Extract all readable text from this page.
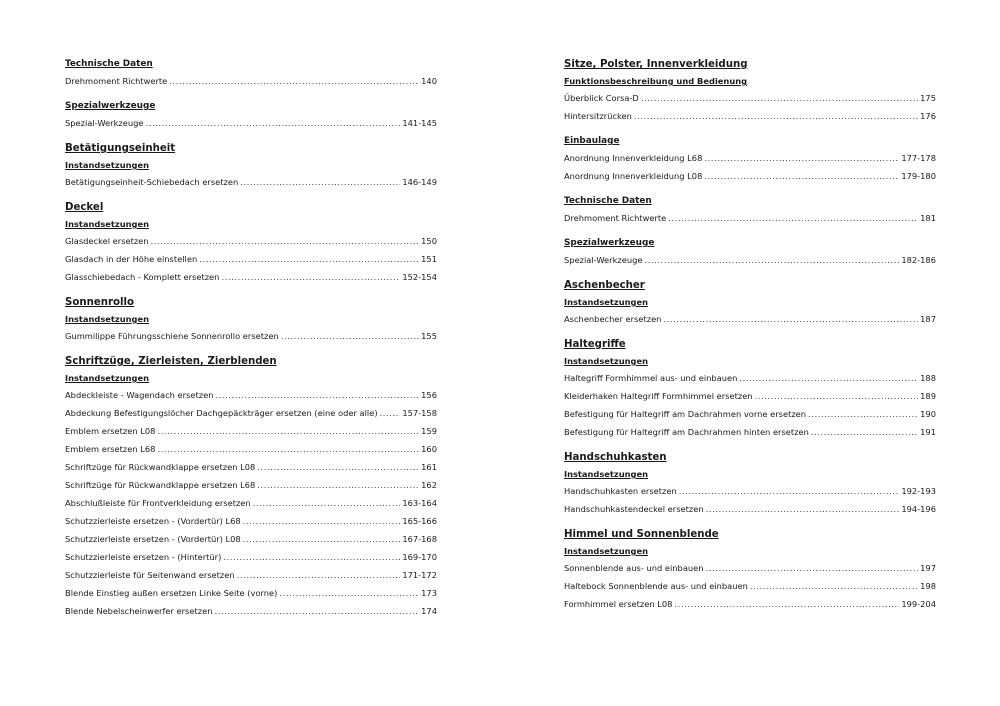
Technische Daten
Drehmoment Richtwerte .....	140
Spezialwerkzeuge
Spezial-Werkzeuge .....	141-145
Betätigungseinheit
Instandsetzungen
Betätigungseinheit-Schiebedach ersetzen .....	146-149
Deckel
Instandsetzungen
Glasdeckel ersetzen .....	150
Glasdach in der Höhe einstellen .....	151
Glasschiebedach - Komplett ersetzen .....	152-154
Sonnenrollo
Instandsetzungen
Gummilippe Führungsschiene Sonnenrollo ersetzen .....	155
Schriftzüge, Zierleisten, Zierblenden
Instandsetzungen
Abdeckleiste - Wagendach ersetzen .....	156
Abdeckung Befestigungslöcher Dachgepäckträger ersetzen (eine oder alle) .....	157-158
Emblem ersetzen L08 .....	159
Emblem ersetzen L68 .....	160
Schriftzüge für Rückwandklappe ersetzen L08 .....	161
Schriftzüge für Rückwandklappe ersetzen L68 .....	162
Abschlußleiste für Frontverkleidung ersetzen .....	163-164
Schutzzierleiste ersetzen - (Vordertür) L68 .....	165-166
Schutzzierleiste ersetzen - (Vordertür) L08 .....	167-168
Schutzzierleiste ersetzen - (Hintertür) .....	169-170
Schutzzierleiste für Seitenwand ersetzen .....	171-172
Blende Einstieg außen ersetzen Linke Seite (vorne) .....	173
Blende Nebelscheinwerfer ersetzen .....	174
Sitze, Polster, Innenverkleidung
Funktionsbeschreibung und Bedienung
Überblick Corsa-D .....	175
Hintersitzrücken .....	176
Einbaulage
Anordnung Innenverkleidung L68 .....	177-178
Anordnung Innenverkleidung L08 .....	179-180
Technische Daten
Drehmoment Richtwerte .....	181
Spezialwerkzeuge
Spezial-Werkzeuge .....	182-186
Aschenbecher
Instandsetzungen
Aschenbecher ersetzen .....	187
Haltegriffe
Instandsetzungen
Haltegriff Formhimmel aus- und einbauen .....	188
Kleiderhaken Haltegriff Formhimmel ersetzen .....	189
Befestigung für Haltegriff am Dachrahmen vorne ersetzen .....	190
Befestigung für Haltegriff am Dachrahmen hinten ersetzen .....	191
Handschuhkasten
Instandsetzungen
Handschuhkasten ersetzen .....	192-193
Handschuhkastendeckel ersetzen .....	194-196
Himmel und Sonnenblende
Instandsetzungen
Sonnenblende aus- und einbauen .....	197
Haltebock Sonnenblende aus- und einbauen .....	198
Formhimmel ersetzen L08 .....	199-204
